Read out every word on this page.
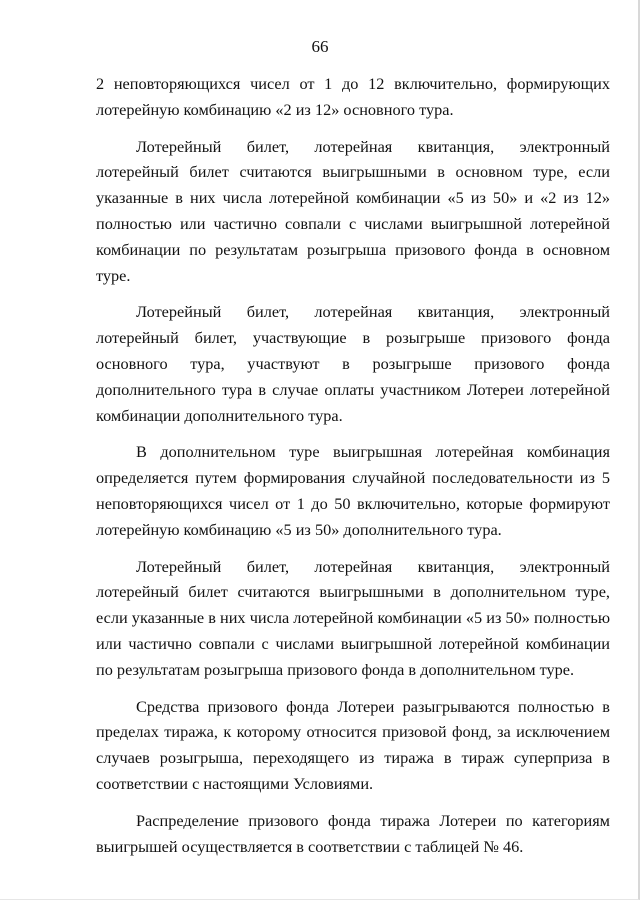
66

2 неповторяющихся чисел от 1 до 12 включительно, формирующих лотерейную комбинацию «2 из 12» основного тура.

Лотерейный билет, лотерейная квитанция, электронный лотерейный билет считаются выигрышными в основном туре, если указанные в них числа лотерейной комбинации «5 из 50» и «2 из 12» полностью или частично совпали с числами выигрышной лотерейной комбинации по результатам розыгрыша призового фонда в основном туре.

Лотерейный билет, лотерейная квитанция, электронный лотерейный билет, участвующие в розыгрыше призового фонда основного тура, участвуют в розыгрыше призового фонда дополнительного тура в случае оплаты участником Лотереи лотерейной комбинации дополнительного тура.

В дополнительном туре выигрышная лотерейная комбинация определяется путем формирования случайной последовательности из 5 неповторяющихся чисел от 1 до 50 включительно, которые формируют лотерейную комбинацию «5 из 50» дополнительного тура.

Лотерейный билет, лотерейная квитанция, электронный лотерейный билет считаются выигрышными в дополнительном туре, если указанные в них числа лотерейной комбинации «5 из 50» полностью или частично совпали с числами выигрышной лотерейной комбинации по результатам розыгрыша призового фонда в дополнительном туре.

Средства призового фонда Лотереи разыгрываются полностью в пределах тиража, к которому относится призовой фонд, за исключением случаев розыгрыша, переходящего из тиража в тираж суперприза в соответствии с настоящими Условиями.

Распределение призового фонда тиража Лотереи по категориям выигрышей осуществляется в соответствии с таблицей № 46.
